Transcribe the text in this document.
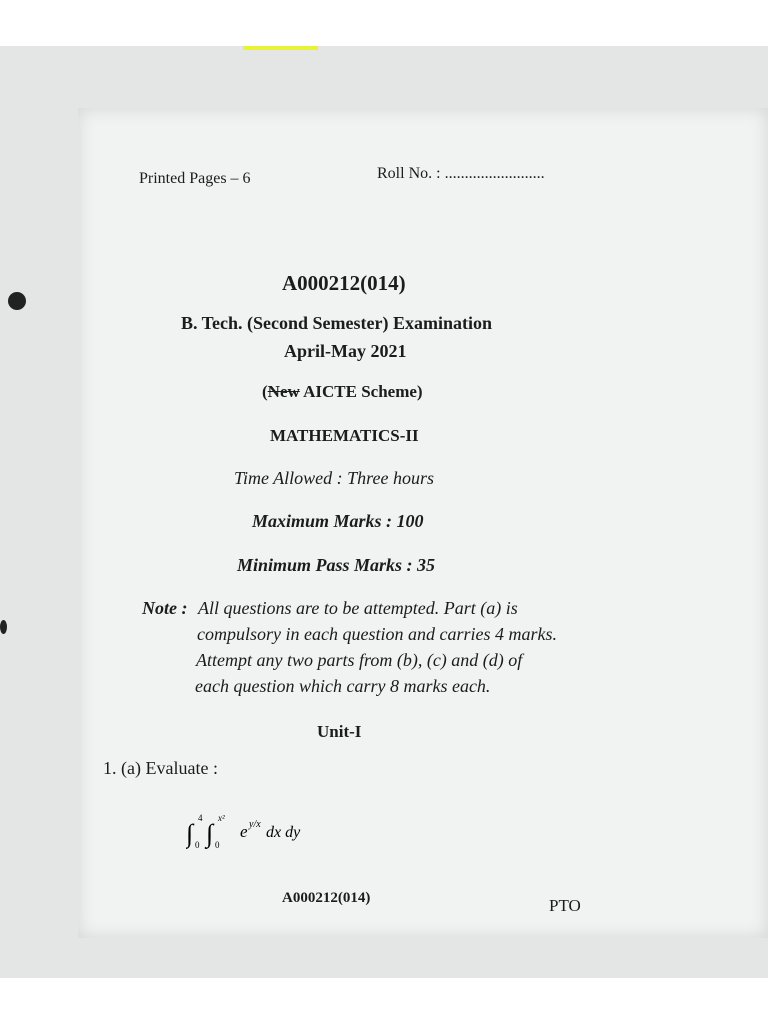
Printed Pages – 6	Roll No. : .........................
A000212(014)
B. Tech. (Second Semester) Examination
April-May 2021
(New AICTE Scheme)
MATHEMATICS-II
Time Allowed : Three hours
Maximum Marks : 100
Minimum Pass Marks : 35
Note : All questions are to be attempted. Part (a) is
compulsory in each question and carries 4 marks.
Attempt any two parts from (b), (c) and (d) of
each question which carry 8 marks each.
Unit-I
1. (a) Evaluate :
∫ 0
4
∫ 0
x²
e y/x dx dy
A000212(014)	PTO
